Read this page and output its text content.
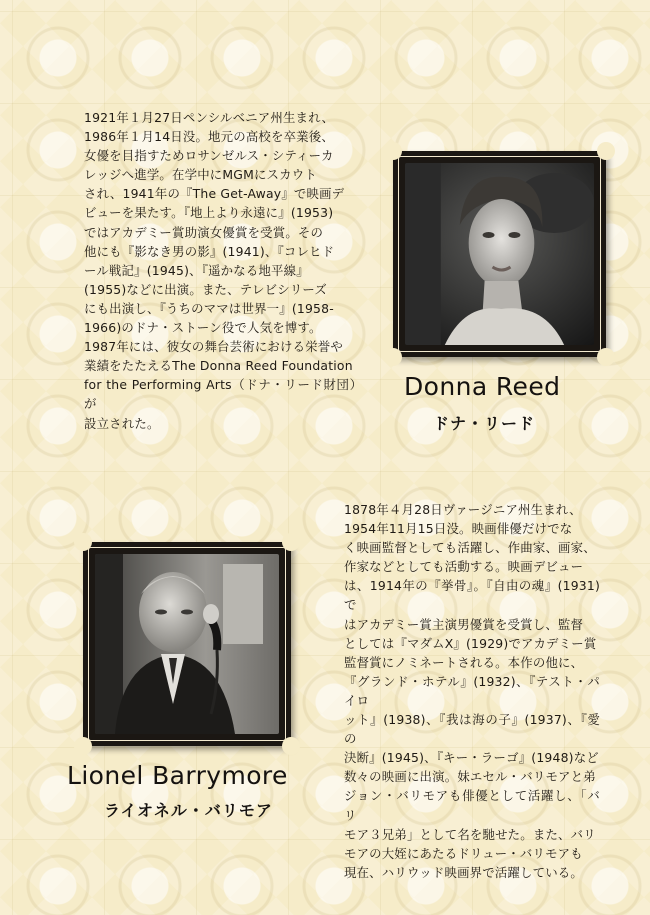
1921年１月27日ペンシルベニア州生まれ、
1986年１月14日没。地元の高校を卒業後、
女優を目指すためロサンゼルス・シティーカ
レッジへ進学。在学中にMGMにスカウト
され、1941年の『The Get-Away』で映画デ
ビューを果たす。『地上より永遠に』(1953)
ではアカデミー賞助演女優賞を受賞。その
他にも『影なき男の影』(1941)、『コレヒド
ール戦記』(1945)、『遥かなる地平線』
(1955)などに出演。また、テレビシリーズ
にも出演し、『うちのママは世界一』(1958-
1966)のドナ・ストーン役で人気を博す。
1987年には、彼女の舞台芸術における栄誉や
業績をたたえるThe Donna Reed Foundation
for the Performing Arts（ドナ・リード財団）が
設立された。

Donna Reed
ドナ・リード

1878年４月28日ヴァージニア州生まれ、
1954年11月15日没。映画俳優だけでな
く映画監督としても活躍し、作曲家、画家、
作家などとしても活動する。映画デビュー
は、1914年の『挙骨』。『自由の魂』(1931)で
はアカデミー賞主演男優賞を受賞し、監督
としては『マダムX』(1929)でアカデミー賞
監督賞にノミネートされる。本作の他に、
『グランド・ホテル』(1932)、『テスト・パイロ
ット』(1938)、『我は海の子』(1937)、『愛の
決断』(1945)、『キー・ラーゴ』(1948)など
数々の映画に出演。妹エセル・バリモアと弟
ジョン・バリモアも俳優として活躍し、「バリ
モア３兄弟」として名を馳せた。また、バリ
モアの大姪にあたるドリュー・バリモアも
現在、ハリウッド映画界で活躍している。

Lionel Barrymore
ライオネル・バリモア
